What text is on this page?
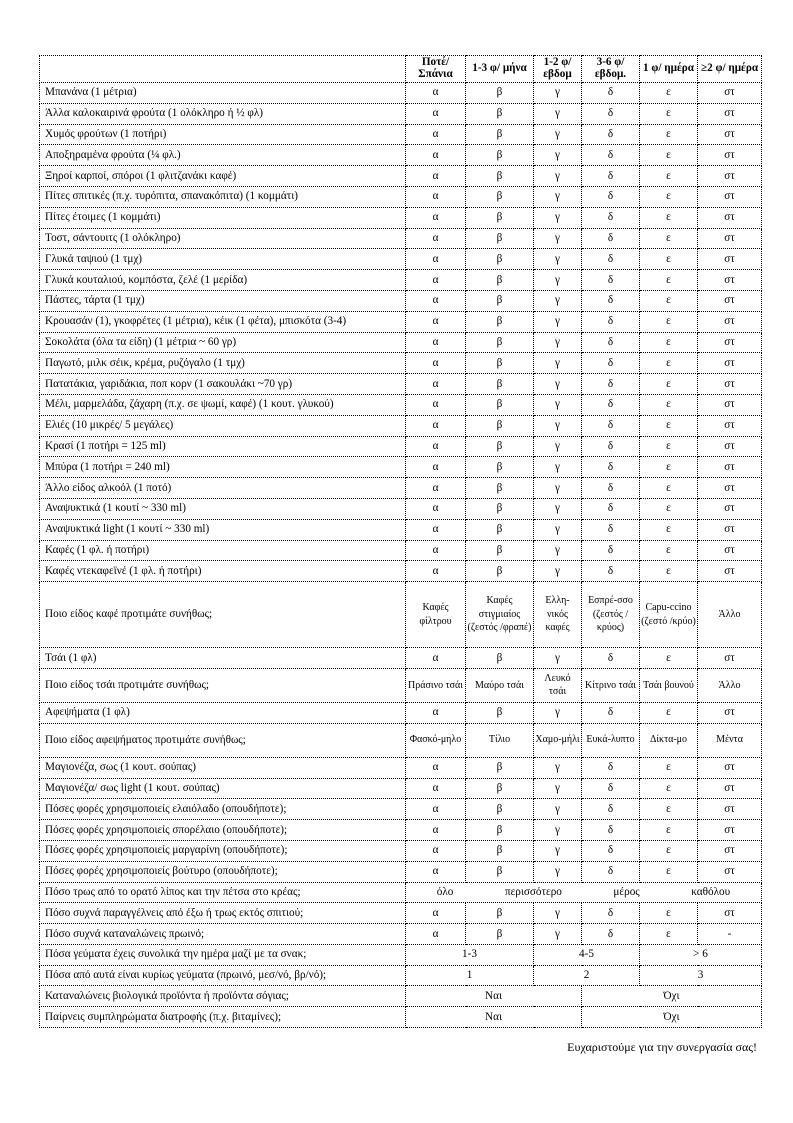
	Ποτέ/ Σπάνια	1-3 φ/ μήνα	1-2 φ/ εβδομ	3-6 φ/ εβδομ.	1 φ/ ημέρα	≥2 φ/ ημέρα
Μπανάνα (1 μέτρια)	α	β	γ	δ	ε	στ
Άλλα καλοκαιρινά φρούτα (1 ολόκληρο ή ½ φλ)	α	β	γ	δ	ε	στ
Χυμός φρούτων (1 ποτήρι)	α	β	γ	δ	ε	στ
Αποξηραμένα φρούτα (¼ φλ.)	α	β	γ	δ	ε	στ
Ξηροί καρποί, σπόροι (1 φλιτζανάκι καφέ)	α	β	γ	δ	ε	στ
Πίτες σπιτικές (π.χ. τυρόπιτα, σπανακόπιτα) (1 κομμάτι)	α	β	γ	δ	ε	στ
Πίτες έτοιμες (1 κομμάτι)	α	β	γ	δ	ε	στ
Τοστ, σάντουιτς (1 ολόκληρο)	α	β	γ	δ	ε	στ
Γλυκά ταψιού (1 τμχ)	α	β	γ	δ	ε	στ
Γλυκά κουταλιού, κομπόστα, ζελέ (1 μερίδα)	α	β	γ	δ	ε	στ
Πάστες, τάρτα (1 τμχ)	α	β	γ	δ	ε	στ
Κρουασάν (1), γκοφρέτες (1 μέτρια), κέικ (1 φέτα), μπισκότα (3-4)	α	β	γ	δ	ε	στ
Σοκολάτα (όλα τα είδη) (1 μέτρια ~ 60 γρ)	α	β	γ	δ	ε	στ
Παγωτό, μιλκ σέικ, κρέμα, ρυζόγαλο (1 τμχ)	α	β	γ	δ	ε	στ
Πατατάκια, γαριδάκια, ποπ κορν (1 σακουλάκι ~70 γρ)	α	β	γ	δ	ε	στ
Μέλι, μαρμελάδα, ζάχαρη (π.χ. σε ψωμί, καφέ) (1 κουτ. γλυκού)	α	β	γ	δ	ε	στ
Ελιές (10 μικρές/ 5 μεγάλες)	α	β	γ	δ	ε	στ
Κρασί (1 ποτήρι = 125 ml)	α	β	γ	δ	ε	στ
Μπύρα (1 ποτήρι = 240 ml)	α	β	γ	δ	ε	στ
Άλλο είδος αλκοόλ (1 ποτό)	α	β	γ	δ	ε	στ
Αναψυκτικά (1 κουτί ~ 330 ml)	α	β	γ	δ	ε	στ
Αναψυκτικά light (1 κουτί ~ 330 ml)	α	β	γ	δ	ε	στ
Καφές (1 φλ. ή ποτήρι)	α	β	γ	δ	ε	στ
Καφές ντεκαφεϊνέ (1 φλ. ή ποτήρι)	α	β	γ	δ	ε	στ
Ποιο είδος καφέ προτιμάτε συνήθως;	Καφές φίλτρου	Καφές στιγμιαίος (ζεστός /φραπέ)	Ελλη-νικός καφές	Εσπρέ-σσο (ζεστός /κρύος)	Capu-ccino (ζεστό /κρύο)	Άλλο
Τσάι (1 φλ)	α	β	γ	δ	ε	στ
Ποιο είδος τσάι προτιμάτε συνήθως;	Πράσινο τσάι	Μαύρο τσάι	Λευκό τσάι	Κίτρινο τσάι	Τσάι βουνού	Άλλο
Αφεψήματα (1 φλ)	α	β	γ	δ	ε	στ
Ποιο είδος αφεψήματος προτιμάτε συνήθως;	Φασκό-μηλο	Τίλιο	Χαμο-μήλι	Ευκά-λυπτο	Δίκτα-μο	Μέντα
Μαγιονέζα, σως (1 κουτ. σούπας)	α	β	γ	δ	ε	στ
Μαγιονέζα/ σως light (1 κουτ. σούπας)	α	β	γ	δ	ε	στ
Πόσες φορές χρησιμοποιείς ελαιόλαδο (οπουδήποτε);	α	β	γ	δ	ε	στ
Πόσες φορές χρησιμοποιείς σπορέλαιο (οπουδήποτε);	α	β	γ	δ	ε	στ
Πόσες φορές χρησιμοποιείς μαργαρίνη (οπουδήποτε);	α	β	γ	δ	ε	στ
Πόσες φορές χρησιμοποιείς βούτυρο (οπουδήποτε);	α	β	γ	δ	ε	στ
Πόσο τρως από το ορατό λίπος και την πέτσα στο κρέας;	όλο περισσότερο μέρος καθόλου					

Πόσο συχνά παραγγέλνεις από έξω ή τρως εκτός σπιτιού;	α	β	γ	δ	ε	στ
Πόσο συχνά καταναλώνεις πρωινό;	α	β	γ	δ	ε	-
Πόσα γεύματα έχεις συνολικά την ημέρα μαζί με τα σνακ;	1-3		4-5		> 6	
Πόσα από αυτά είναι κυρίως γεύματα (πρωινό, μεσ/νό, βρ/νό);	1		2		3	
Καταναλώνεις βιολογικά προϊόντα ή προϊόντα σόγιας;	Ναι			Όχι		
Παίρνεις συμπληρώματα διατροφής (π.χ. βιταμίνες);	Ναι			Όχι		
Ευχαριστούμε για την συνεργασία σας!
